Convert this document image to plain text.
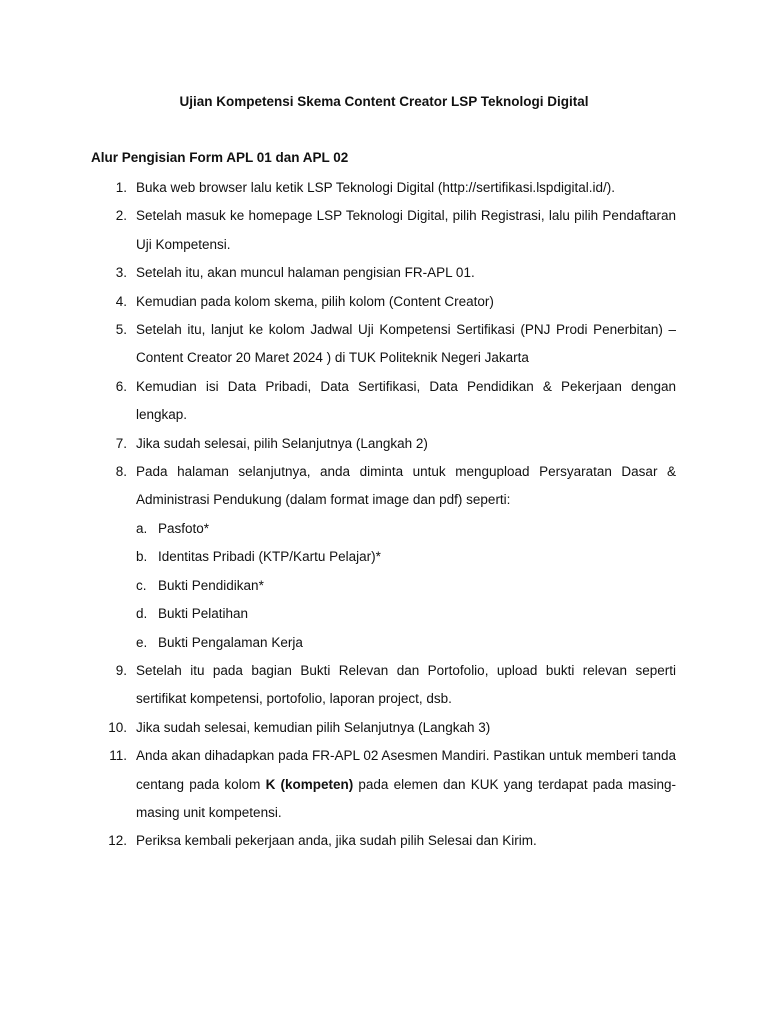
Ujian Kompetensi Skema Content Creator LSP Teknologi Digital
Alur Pengisian Form APL 01 dan APL 02
1. Buka web browser lalu ketik LSP Teknologi Digital (http://sertifikasi.lspdigital.id/).
2. Setelah masuk ke homepage LSP Teknologi Digital, pilih Registrasi, lalu pilih Pendaftaran Uji Kompetensi.
3. Setelah itu, akan muncul halaman pengisian FR-APL 01.
4. Kemudian pada kolom skema, pilih kolom (Content Creator)
5. Setelah itu, lanjut ke kolom Jadwal Uji Kompetensi Sertifikasi (PNJ Prodi Penerbitan) – Content Creator 20 Maret 2024 ) di TUK Politeknik Negeri Jakarta
6. Kemudian isi Data Pribadi, Data Sertifikasi, Data Pendidikan & Pekerjaan dengan lengkap.
7. Jika sudah selesai, pilih Selanjutnya (Langkah 2)
8. Pada halaman selanjutnya, anda diminta untuk mengupload Persyaratan Dasar & Administrasi Pendukung (dalam format image dan pdf) seperti:
a. Pasfoto*
b. Identitas Pribadi (KTP/Kartu Pelajar)*
c. Bukti Pendidikan*
d. Bukti Pelatihan
e. Bukti Pengalaman Kerja
9. Setelah itu pada bagian Bukti Relevan dan Portofolio, upload bukti relevan seperti sertifikat kompetensi, portofolio, laporan project, dsb.
10. Jika sudah selesai, kemudian pilih Selanjutnya (Langkah 3)
11. Anda akan dihadapkan pada FR-APL 02 Asesmen Mandiri. Pastikan untuk memberi tanda centang pada kolom K (kompeten) pada elemen dan KUK yang terdapat pada masing-masing unit kompetensi.
12. Periksa kembali pekerjaan anda, jika sudah pilih Selesai dan Kirim.
